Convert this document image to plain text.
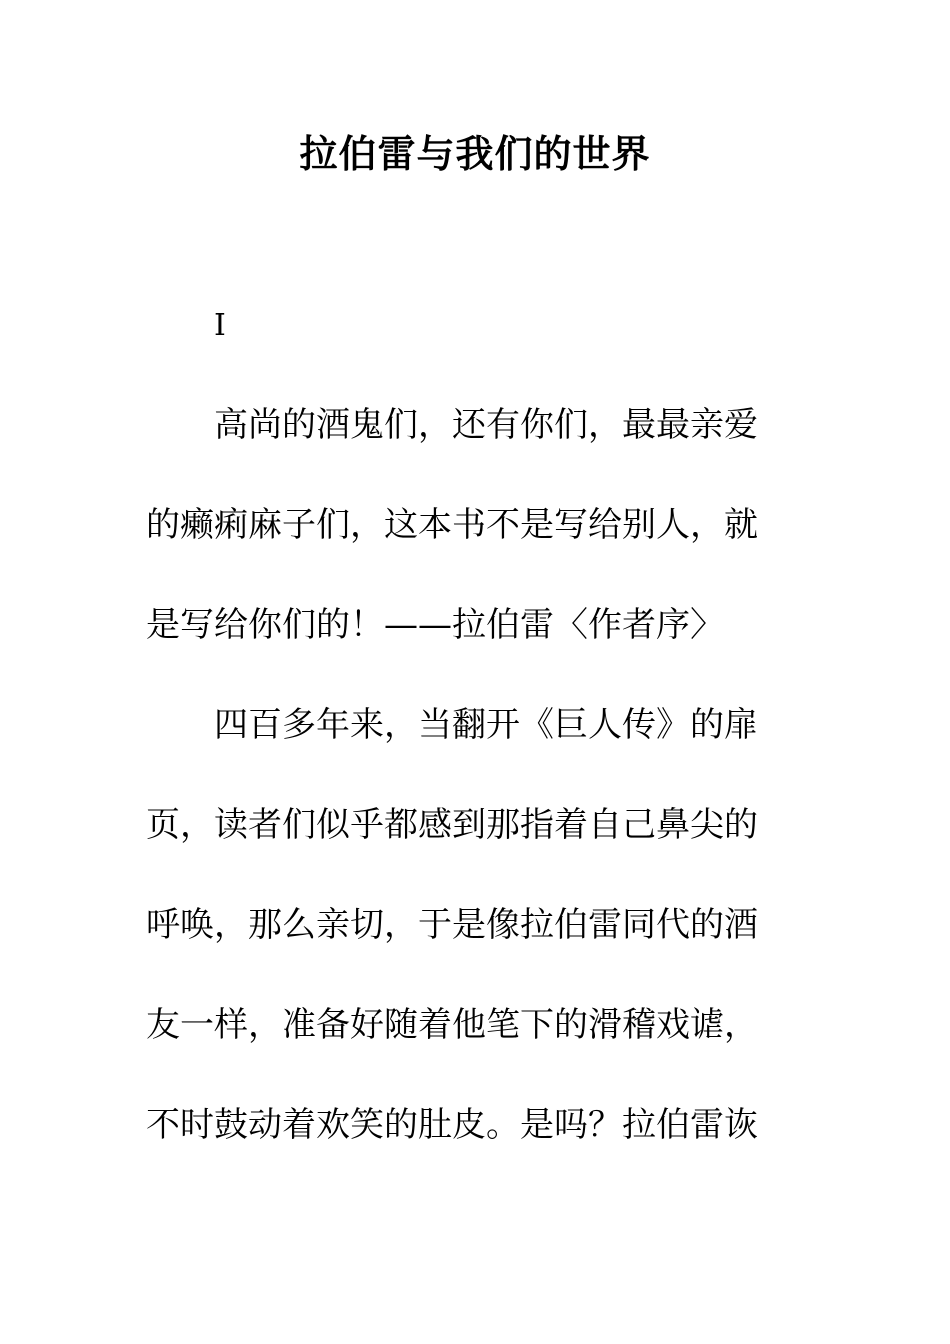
拉伯雷与我们的世界
I
高尚的酒鬼们，还有你们，最最亲爱
的癞痢麻子们，这本书不是写给别人，就
是写给你们的！——拉伯雷〈作者序〉
四百多年来，当翻开《巨人传》的扉
页，读者们似乎都感到那指着自己鼻尖的
呼唤，那么亲切，于是像拉伯雷同代的酒
友一样，准备好随着他笔下的滑稽戏谑，
不时鼓动着欢笑的肚皮。是吗？拉伯雷诙
